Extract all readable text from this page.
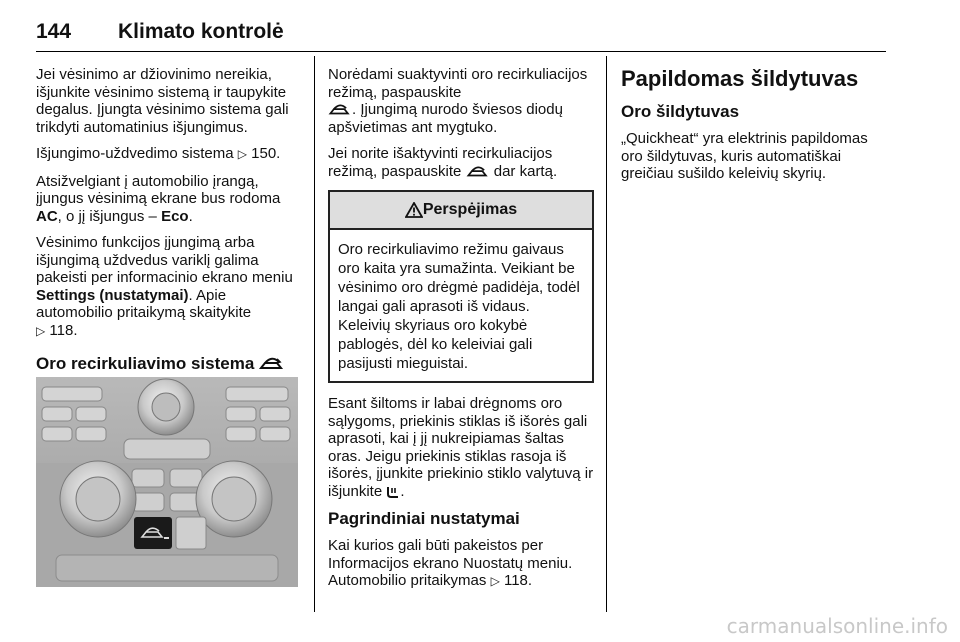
144 Klimato kontrolė

Jei vėsinimo ar džiovinimo nereikia, išjunkite vėsinimo sistemą ir taupykite degalus. Įjungta vėsinimo sistema gali trikdyti automatinius išjungimus.

Išjungimo-uždvedimo sistema ▷ 150.

Atsižvelgiant į automobilio įrangą, įjungus vėsinimą ekrane bus rodoma AC, o jį išjungus – Eco.

Vėsinimo funkcijos įjungimą arba išjungimą uždvedus variklį galima pakeisti per informacinio ekrano meniu Settings (nustatymai). Apie automobilio pritaikymą skaitykite
▷ 118.

Oro recirkuliavimo sistema

Norėdami suaktyvinti oro recirkuliacijos režimą, paspauskite
. Įjungimą nurodo šviesos diodų apšvietimas ant mygtuko.

Jei norite išaktyvinti recirkuliacijos režimą, paspauskite dar kartą.

Perspėjimas
Oro recirkuliavimo režimu gaivaus oro kaita yra sumažinta. Veikiant be vėsinimo oro drėgmė padidėja, todėl langai gali aprasoti iš vidaus. Keleivių skyriaus oro kokybė pablogės, dėl ko keleiviai gali pasijusti mieguistai.

Esant šiltoms ir labai drėgnoms oro sąlygoms, priekinis stiklas iš išorės gali aprasoti, kai į jį nukreipiamas šaltas oras. Jeigu priekinis stiklas rasoja iš išorės, įjunkite priekinio stiklo valytuvą ir išjunkite .

Pagrindiniai nustatymai

Kai kurios gali būti pakeistos per Informacijos ekrano Nuostatų meniu. Automobilio pritaikymas ▷ 118.

Papildomas šildytuvas
Oro šildytuvas

„Quickheat“ yra elektrinis papildomas oro šildytuvas, kuris automatiškai greičiau sušildo keleivių skyrių.

carmanualsonline.info
